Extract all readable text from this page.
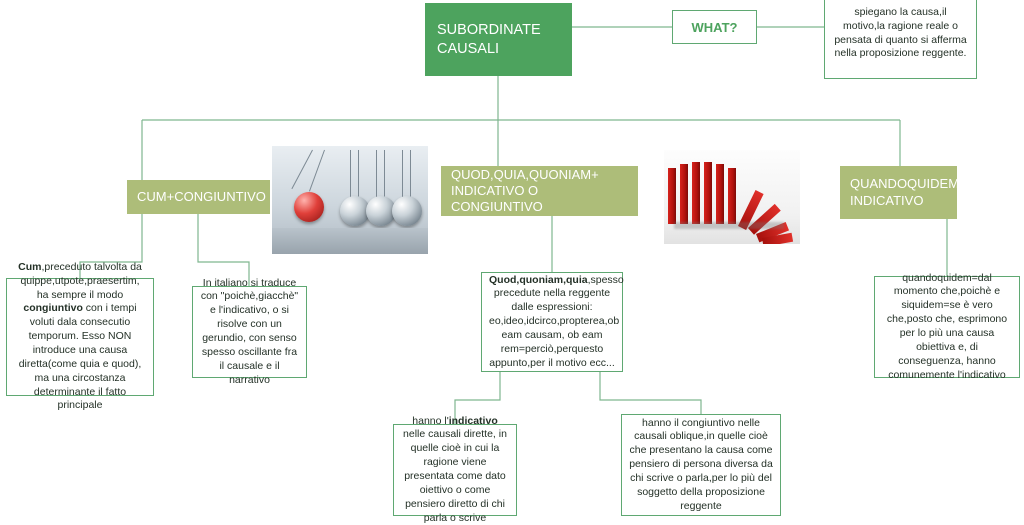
SUBORDINATE CAUSALI
WHAT?
spiegano la causa,il motivo,la ragione reale o pensata di quanto si afferma nella proposizione reggente.
CUM+CONGIUNTIVO
Cum,preceduto talvolta da quippe,utpote,praesertim, ha sempre il modo congiuntivo con i tempi voluti dala consecutio temporum. Esso NON introduce una causa diretta(come quia e quod), ma una circostanza determinante il fatto principale
QUOD,QUIA,QUONIAM+ INDICATIVO O CONGIUNTIVO
In italiano si traduce con "poichè,giacchè" e l'indicativo, o si risolve con un gerundio, con senso spesso oscillante fra il causale e il narrativo
Quod,quoniam,quia,spesso precedute nella reggente dalle espressioni: eo,ideo,idcirco,propterea,ob eam causam, ob eam rem=perciò,perquesto appunto,per il motivo ecc...
hanno l'indicativo nelle causali dirette, in quelle cioè in cui la ragione viene presentata come dato oiettivo o come pensiero diretto di chi parla o scrive
hanno il congiuntivo nelle causali oblique,in quelle cioè che presentano la causa come pensiero di persona diversa da chi scrive o parla,per lo più del soggetto della proposizione reggente
QUANDOQUIDEM+ INDICATIVO
quandoquidem=dal momento che,poichè e siquidem=se è vero che,posto che, esprimono per lo più una causa obiettiva e, di conseguenza, hanno comunemente l'indicativo
